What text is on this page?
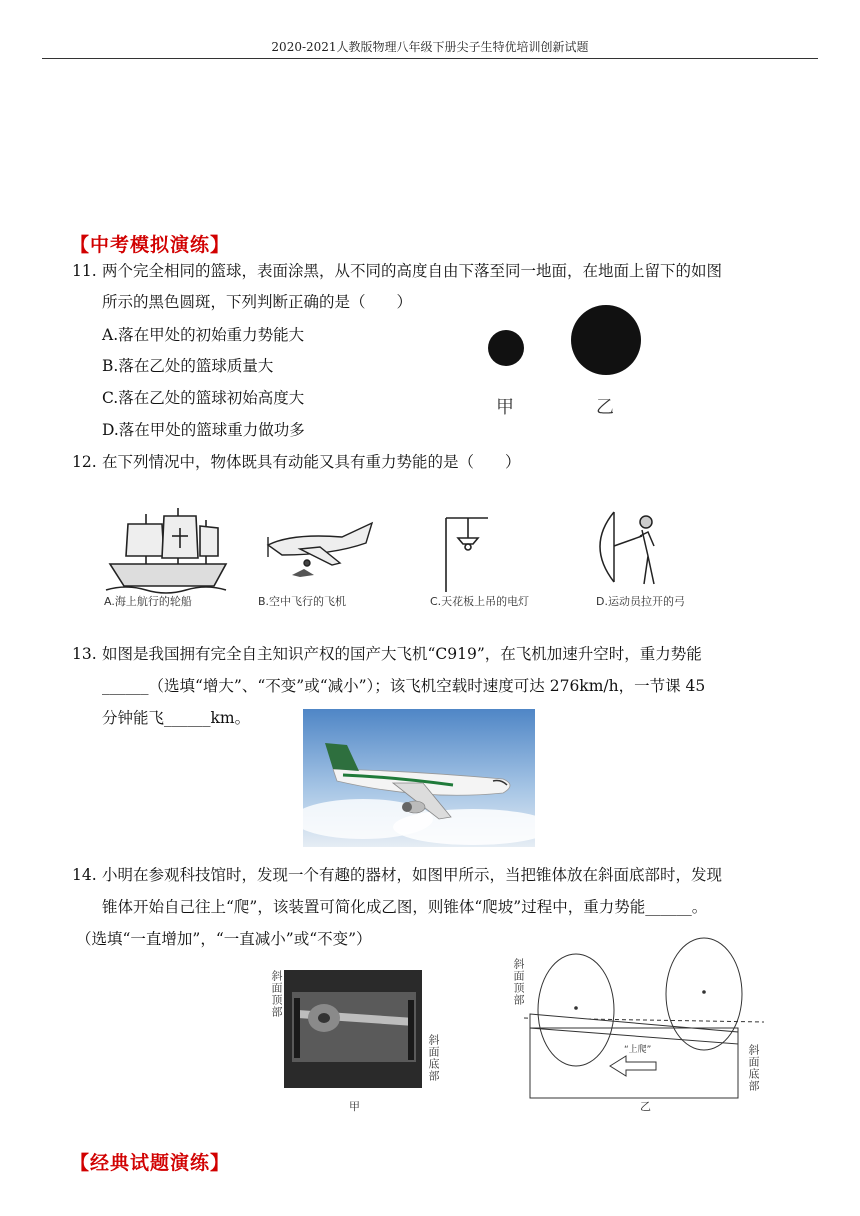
2020-2021人教版物理八年级下册尖子生特优培训创新试题
【中考模拟演练】
11. 两个完全相同的篮球，表面涂黑，从不同的高度自由下落至同一地面，在地面上留下的如图
所示的黑色圆斑，下列判断正确的是（　　）
A.落在甲处的初始重力势能大
B.落在乙处的篮球质量大
C.落在乙处的篮球初始高度大
D.落在甲处的篮球重力做功多
甲	乙
12. 在下列情况中，物体既具有动能又具有重力势能的是（　　）
A.海上航行的轮船	B.空中飞行的飞机	C.天花板上吊的电灯	D.运动员拉开的弓
13. 如图是我国拥有完全自主知识产权的国产大飞机“C919”，在飞机加速升空时，重力势能
______（选填“增大”、“不变”或“减小”）；该飞机空载时速度可达 276km/h，一节课 45
分钟能飞______km。
14. 小明在参观科技馆时，发现一个有趣的器材，如图甲所示，当把锥体放在斜面底部时，发现
锥体开始自己往上“爬”，该装置可简化成乙图，则锥体“爬坡”过程中，重力势能______。
（选填“一直增加”，“一直减小”或“不变”）
斜面顶部
斜面底部
甲
斜面顶部
“上爬”	斜面底部
乙
【经典试题演练】
